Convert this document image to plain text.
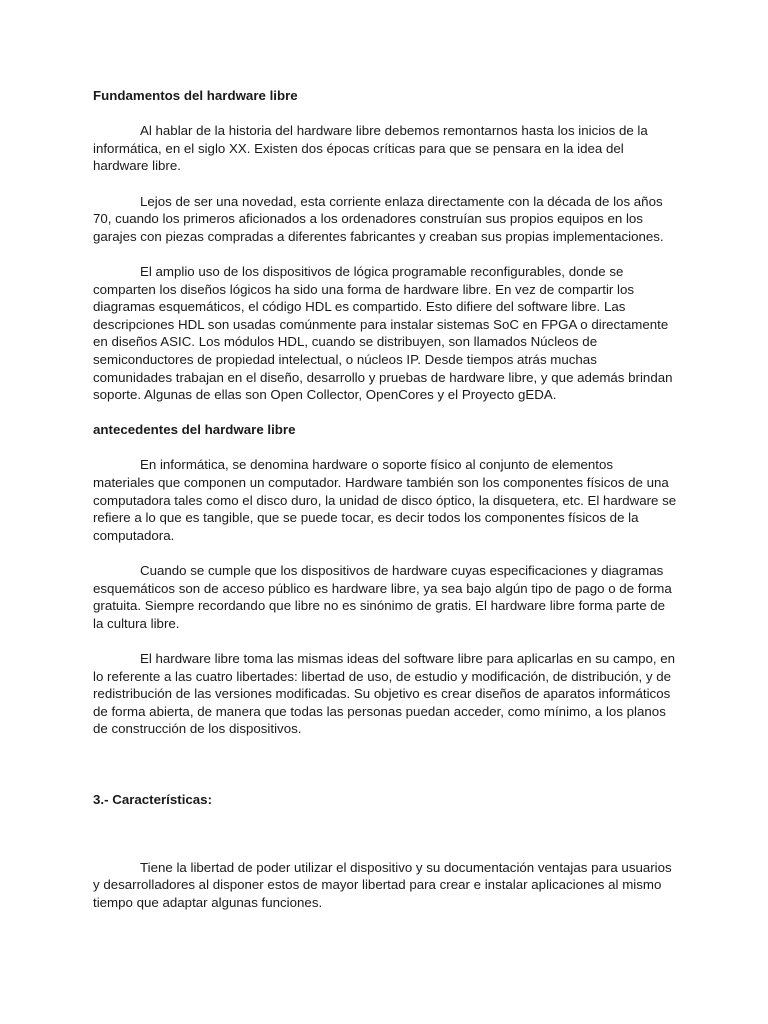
Fundamentos del hardware libre

Al hablar de la historia del hardware libre debemos remontarnos hasta los inicios de la informática, en el siglo XX. Existen dos épocas críticas para que se pensara en la idea del hardware libre.

Lejos de ser una novedad, esta corriente enlaza directamente con la década de los años 70, cuando los primeros aficionados a los ordenadores construían sus propios equipos en los garajes con piezas compradas a diferentes fabricantes y creaban sus propias implementaciones.

El amplio uso de los dispositivos de lógica programable reconfigurables, donde se comparten los diseños lógicos ha sido una forma de hardware libre. En vez de compartir los diagramas esquemáticos, el código HDL es compartido. Esto difiere del software libre. Las descripciones HDL son usadas comúnmente para instalar sistemas SoC en FPGA o directamente en diseños ASIC. Los módulos HDL, cuando se distribuyen, son llamados Núcleos de semiconductores de propiedad intelectual, o núcleos IP. Desde tiempos atrás muchas comunidades trabajan en el diseño, desarrollo y pruebas de hardware libre, y que además brindan soporte. Algunas de ellas son Open Collector, OpenCores y el Proyecto gEDA.

antecedentes del hardware libre

En informática, se denomina hardware o soporte físico al conjunto de elementos materiales que componen un computador. Hardware también son los componentes físicos de una computadora tales como el disco duro, la unidad de disco óptico, la disquetera, etc. El hardware se refiere a lo que es tangible, que se puede tocar, es decir todos los componentes físicos de la computadora.

Cuando se cumple que los dispositivos de hardware cuyas especificaciones y diagramas esquemáticos son de acceso público es hardware libre, ya sea bajo algún tipo de pago o de forma gratuita. Siempre recordando que libre no es sinónimo de gratis. El hardware libre forma parte de la cultura libre.

El hardware libre toma las mismas ideas del software libre para aplicarlas en su campo, en lo referente a las cuatro libertades: libertad de uso, de estudio y modificación, de distribución, y de redistribución de las versiones modificadas. Su objetivo es crear diseños de aparatos informáticos de forma abierta, de manera que todas las personas puedan acceder, como mínimo, a los planos de construcción de los dispositivos.

3.- Características:

Tiene la libertad de poder utilizar el dispositivo y su documentación ventajas para usuarios y desarrolladores al disponer estos de mayor libertad para crear e instalar aplicaciones al mismo tiempo que adaptar algunas funciones.
